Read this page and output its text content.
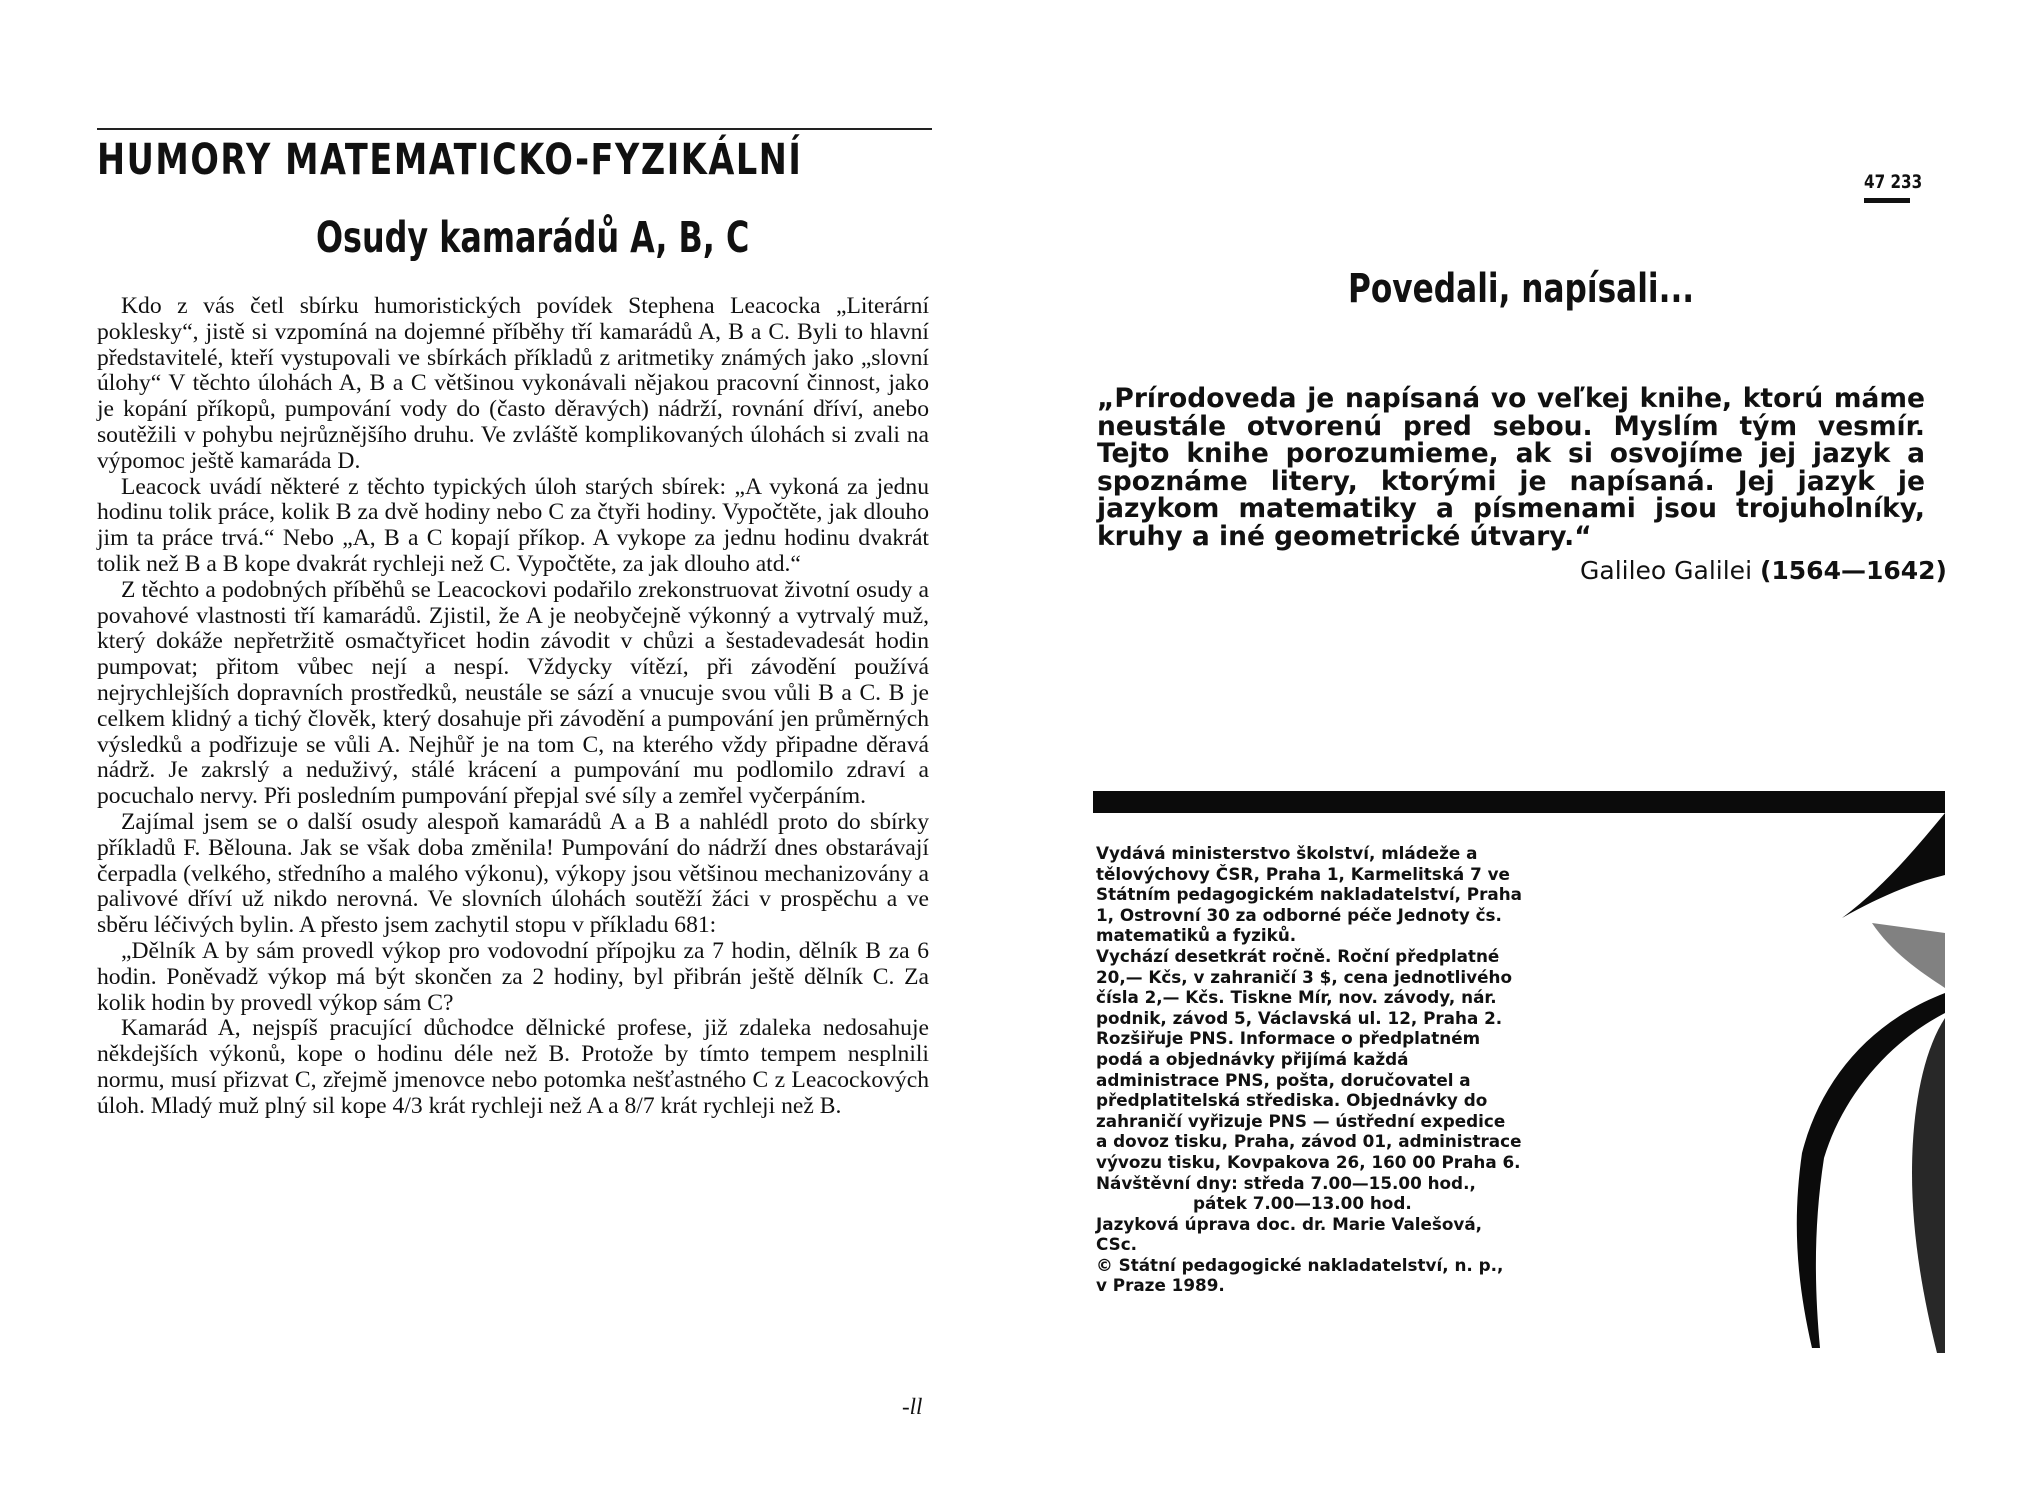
HUMORY MATEMATICKO-FYZIKÁLNÍ
Osudy kamarádů A, B, C

Kdo z vás četl sbírku humoristických povídek Stephena Leacocka „Literární poklesky“, jistě si vzpomíná na dojemné příběhy tří kamarádů A, B a C. Byli to hlavní představitelé, kteří vystupovali ve sbírkách příkladů z aritmetiky známých jako „slovní úlohy“ V těchto úlohách A, B a C většinou vykonávali nějakou pracovní činnost, jako je kopání příkopů, pumpování vody do (často děravých) nádrží, rovnání dříví, anebo soutěžili v pohybu nejrůznějšího druhu. Ve zvláště komplikovaných úlohách si zvali na výpomoc ještě kamaráda D.

Leacock uvádí některé z těchto typických úloh starých sbírek: „A vykoná za jednu hodinu tolik práce, kolik B za dvě hodiny nebo C za čtyři hodiny. Vypočtěte, jak dlouho jim ta práce trvá.“ Nebo „A, B a C kopají příkop. A vykope za jednu hodinu dvakrát tolik než B a B kope dvakrát rychleji než C. Vypočtěte, za jak dlouho atd.“

Z těchto a podobných příběhů se Leacockovi podařilo zrekonstruovat životní osudy a povahové vlastnosti tří kamarádů. Zjistil, že A je neobyčejně výkonný a vytrvalý muž, který dokáže nepřetržitě osmačtyřicet hodin závodit v chůzi a šestadevadesát hodin pumpovat; přitom vůbec nejí a nespí. Vždycky vítězí, při závodění používá nejrychlejších dopravních prostředků, neustále se sází a vnucuje svou vůli B a C. B je celkem klidný a tichý člověk, který dosahuje při závodění a pumpování jen průměrných výsledků a podřizuje se vůli A. Nejhůř je na tom C, na kterého vždy připadne děravá nádrž. Je zakrslý a neduživý, stálé krácení a pumpování mu podlomilo zdraví a pocuchalo nervy. Při posledním pumpování přepjal své síly a zemřel vyčerpáním.

Zajímal jsem se o další osudy alespoň kamarádů A a B a nahlédl proto do sbírky příkladů F. Bělouna. Jak se však doba změnila! Pumpování do nádrží dnes obstarávají čerpadla (velkého, středního a malého výkonu), výkopy jsou většinou mechanizovány a palivové dříví už nikdo nerovná. Ve slovních úlohách soutěží žáci v prospěchu a ve sběru léčivých bylin. A přesto jsem zachytil stopu v příkladu 681:

„Dělník A by sám provedl výkop pro vodovodní přípojku za 7 hodin, dělník B za 6 hodin. Poněvadž výkop má být skončen za 2 hodiny, byl přibrán ještě dělník C. Za kolik hodin by provedl výkop sám C?

Kamarád A, nejspíš pracující důchodce dělnické profese, již zdaleka nedosahuje někdejších výkonů, kope o hodinu déle než B. Protože by tímto tempem nesplnili normu, musí přizvat C, zřejmě jmenovce nebo potomka nešťastného C z Leacockových úloh. Mladý muž plný sil kope 4/3 krát rychleji než A a 8/7 krát rychleji než B.

-ll
47 233
Povedali, napísali...

„Prírodoveda je napísaná vo veľkej knihe, ktorú máme neustále otvorenú pred sebou. Myslím tým vesmír. Tejto knihe porozumieme, ak si osvojíme jej jazyk a spoznáme litery, ktorými je napísaná. Jej jazyk je jazykom matematiky a písmenami jsou trojuholníky, kruhy a iné geometrické útvary.“

Galileo Galilei (1564—1642)

Vydává ministerstvo školství, mládeže a tělovýchovy ČSR, Praha 1, Karmelitská 7 ve Státním pedagogickém nakladatelství, Praha 1, Ostrovní 30 za odborné péče Jednoty čs. matematiků a fyziků.

Vychází desetkrát ročně. Roční předplatné 20,— Kčs, v zahraničí 3 $, cena jednotlivého čísla 2,— Kčs. Tiskne Mír, nov. závody, nár. podnik, závod 5, Václavská ul. 12, Praha 2. Rozšiřuje PNS. Informace o předplatném podá a objednávky přijímá každá administrace PNS, pošta, doručovatel a předplatitelská střediska. Objednávky do zahraničí vyřizuje PNS — ústřední expedice a dovoz tisku, Praha, závod 01, administrace vývozu tisku, Kovpakova 26, 160 00 Praha 6.

Návštěvní dny: středa 7.00—15.00 hod.,

pátek 7.00—13.00 hod.

Jazyková úprava doc. dr. Marie Valešová, CSc.

© Státní pedagogické nakladatelství, n. p.,

v Praze 1989.
